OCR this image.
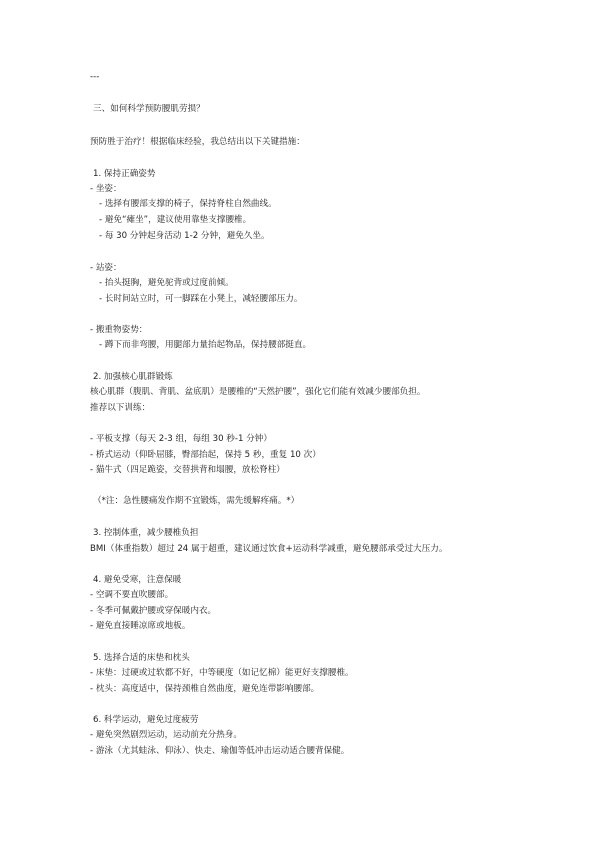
---
三、如何科学预防腰肌劳损？
预防胜于治疗！根据临床经验，我总结出以下关键措施：
1. 保持正确姿势
- 坐姿：
- 选择有腰部支撑的椅子，保持脊柱自然曲线。
- 避免“瘫坐”，建议使用靠垫支撑腰椎。
- 每 30 分钟起身活动 1-2 分钟，避免久坐。
- 站姿：
- 抬头挺胸，避免驼背或过度前倾。
- 长时间站立时，可一脚踩在小凳上，减轻腰部压力。
- 搬重物姿势：
- 蹲下而非弯腰，用腿部力量抬起物品，保持腰部挺直。
2. 加强核心肌群锻炼
核心肌群（腹肌、背肌、盆底肌）是腰椎的“天然护腰”，强化它们能有效减少腰部负担。
推荐以下训练：
- 平板支撑（每天 2-3 组，每组 30 秒-1 分钟）
- 桥式运动（仰卧屈膝，臀部抬起，保持 5 秒，重复 10 次）
- 猫牛式（四足跪姿，交替拱背和塌腰，放松脊柱）
（*注：急性腰痛发作期不宜锻炼，需先缓解疼痛。*）
3. 控制体重，减少腰椎负担
BMI（体重指数）超过 24 属于超重，建议通过饮食+运动科学减重，避免腰部承受过大压力。
4. 避免受寒，注意保暖
- 空调不要直吹腰部。
- 冬季可佩戴护腰或穿保暖内衣。
- 避免直接睡凉席或地板。
5. 选择合适的床垫和枕头
- 床垫：过硬或过软都不好，中等硬度（如记忆棉）能更好支撑腰椎。
- 枕头：高度适中，保持颈椎自然曲度，避免连带影响腰部。
6. 科学运动，避免过度疲劳
- 避免突然剧烈运动，运动前充分热身。
- 游泳（尤其蛙泳、仰泳）、快走、瑜伽等低冲击运动适合腰背保健。
